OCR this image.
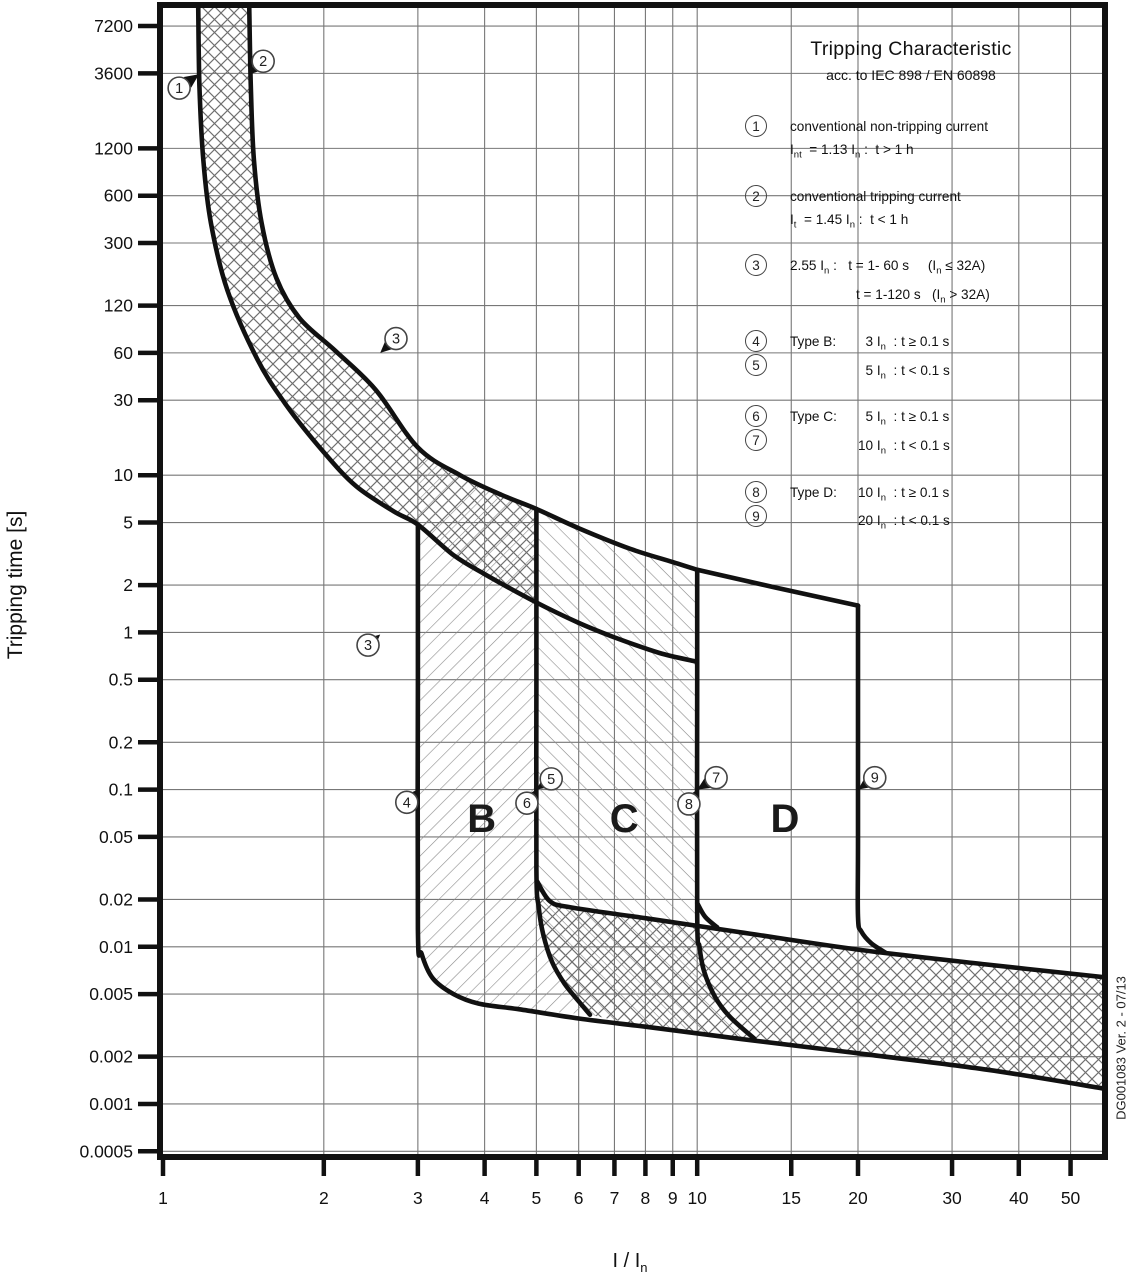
1	2	3	4 5 6 7 8 9 10	15	20	30	40 50
7200
3600
1200
600
300
120
60
30
10
5
2
1
0.5
0.2
0.1
0.05
0.02
0.01
0.005
0.002
0.001
0.0005
B	C	D
1
2
3
3
4
5
6
7
8
9
Tripping time [s]
I / $I_n$
DG001083 Ver. 2 - 07/13
Tripping Characteristic
acc. to IEC 898 / EN 60898
1	conventional non-tripping current
$I_{nt} = 1.13$ $I_n$ :  t > 1 h
2	conventional tripping current
$I_t = 1.45$ $I_n$ :  t < 1 h
3	2.55 $I_n$ :   t = 1- 60 s     $(I_n \le 32A)$
t = 1-120 s   $(I_n > 32A)$
4
5
Type B:  3 $I_n$  : t ≥ 0.1 s
5 $I_n$  : t < 0.1 s
6
7
Type C:  5 $I_n$  : t ≥ 0.1 s
10 $I_n$  : t < 0.1 s
8
9
Type D: 10 $I_n$  : t ≥ 0.1 s
20 $I_n$  : t < 0.1 s
